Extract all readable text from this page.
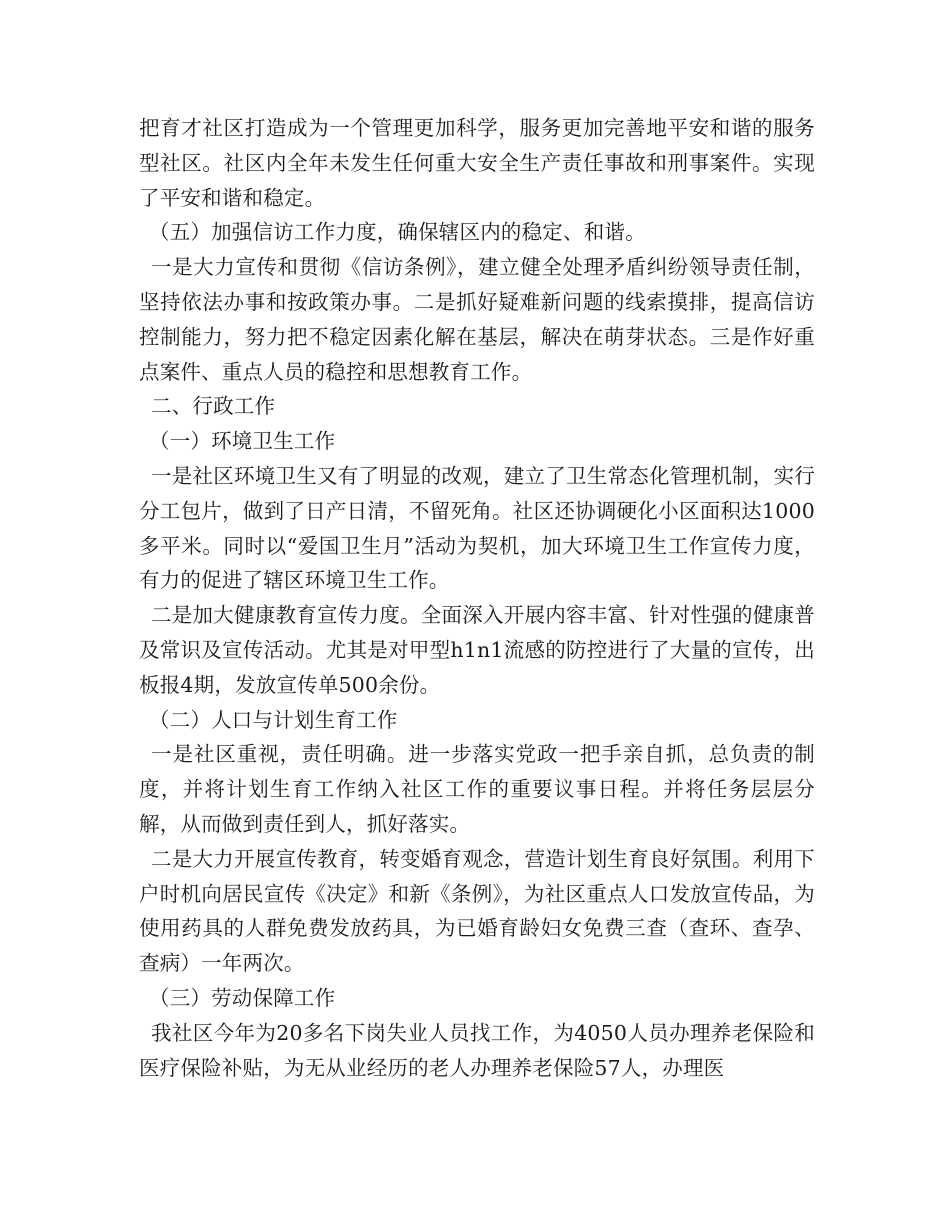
把育才社区打造成为一个管理更加科学，服务更加完善地平安和谐的服务型社区。社区内全年未发生任何重大安全生产责任事故和刑事案件。实现了平安和谐和稳定。

（五）加强信访工作力度，确保辖区内的稳定、和谐。

一是大力宣传和贯彻《信访条例》，建立健全处理矛盾纠纷领导责任制，坚持依法办事和按政策办事。二是抓好疑难新问题的线索摸排，提高信访控制能力，努力把不稳定因素化解在基层，解决在萌芽状态。三是作好重点案件、重点人员的稳控和思想教育工作。

二、行政工作

（一）环境卫生工作

一是社区环境卫生又有了明显的改观，建立了卫生常态化管理机制，实行分工包片，做到了日产日清，不留死角。社区还协调硬化小区面积达1000多平米。同时以“爱国卫生月”活动为契机，加大环境卫生工作宣传力度，有力的促进了辖区环境卫生工作。

二是加大健康教育宣传力度。全面深入开展内容丰富、针对性强的健康普及常识及宣传活动。尤其是对甲型h1n1流感的防控进行了大量的宣传，出板报4期，发放宣传单500余份。

（二）人口与计划生育工作

一是社区重视，责任明确。进一步落实党政一把手亲自抓，总负责的制度，并将计划生育工作纳入社区工作的重要议事日程。并将任务层层分解，从而做到责任到人，抓好落实。

二是大力开展宣传教育，转变婚育观念，营造计划生育良好氛围。利用下户时机向居民宣传《决定》和新《条例》，为社区重点人口发放宣传品，为使用药具的人群免费发放药具，为已婚育龄妇女免费三查（查环、查孕、查病）一年两次。

（三）劳动保障工作

我社区今年为20多名下岗失业人员找工作，为4050人员办理养老保险和医疗保险补贴，为无从业经历的老人办理养老保险57人，办理医
